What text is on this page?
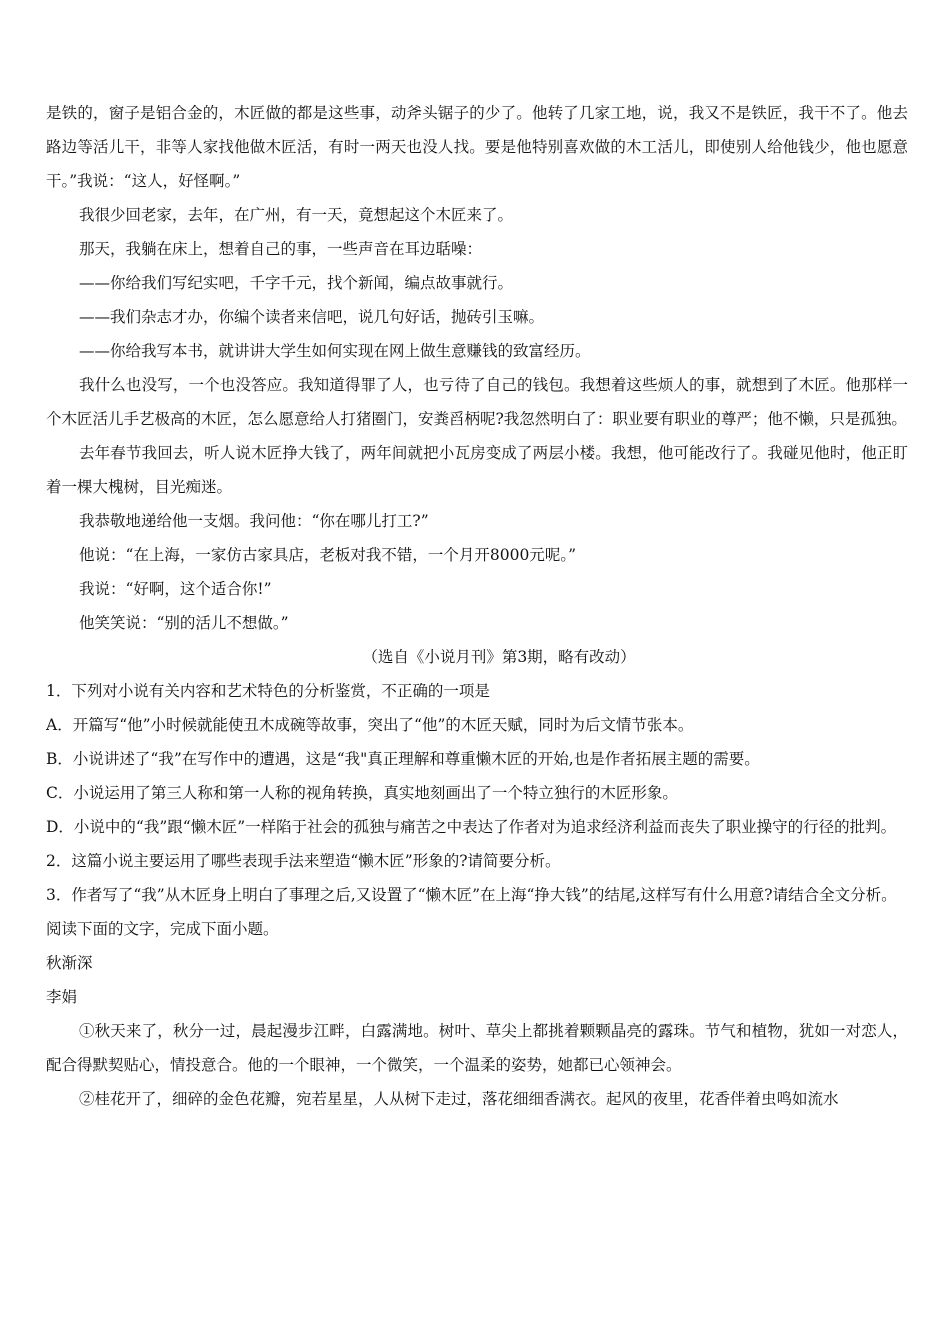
是铁的，窗子是铝合金的，木匠做的都是这些事，动斧头锯子的少了。他转了几家工地，说，我又不是铁匠，我干不了。他去路边等活儿干，非等人家找他做木匠活，有时一两天也没人找。要是他特别喜欢做的木工活儿，即使别人给他钱少，他也愿意干。”我说：“这人，好怪啊。”

我很少回老家，去年，在广州，有一天，竟想起这个木匠来了。

那天，我躺在床上，想着自己的事，一些声音在耳边聒噪：

——你给我们写纪实吧，千字千元，找个新闻，编点故事就行。

——我们杂志才办，你编个读者来信吧，说几句好话，抛砖引玉嘛。

——你给我写本书，就讲讲大学生如何实现在网上做生意赚钱的致富经历。

我什么也没写，一个也没答应。我知道得罪了人，也亏待了自己的钱包。我想着这些烦人的事，就想到了木匠。他那样一个木匠活儿手艺极高的木匠，怎么愿意给人打猪圈门，安粪舀柄呢?我忽然明白了：职业要有职业的尊严；他不懒，只是孤独。

去年春节我回去，听人说木匠挣大钱了，两年间就把小瓦房变成了两层小楼。我想，他可能改行了。我碰见他时，他正盯着一棵大槐树，目光痴迷。

我恭敬地递给他一支烟。我问他：“你在哪儿打工?”

他说：“在上海，一家仿古家具店，老板对我不错，一个月开8000元呢。”

我说：“好啊，这个适合你!”

他笑笑说：“别的活儿不想做。”

（选自《小说月刊》第3期，略有改动）

1．下列对小说有关内容和艺术特色的分析鉴赏，不正确的一项是

A．开篇写“他”小时候就能使丑木成碗等故事，突出了“他”的木匠天赋，同时为后文情节张本。

B．小说讲述了“我”在写作中的遭遇，这是“我"真正理解和尊重懒木匠的开始,也是作者拓展主题的需要。

C．小说运用了第三人称和第一人称的视角转换，真实地刻画出了一个特立独行的木匠形象。

D．小说中的“我”跟“懒木匠”一样陷于社会的孤独与痛苦之中表达了作者对为追求经济利益而丧失了职业操守的行径的批判。

2．这篇小说主要运用了哪些表现手法来塑造“懒木匠”形象的?请简要分析。

3．作者写了“我”从木匠身上明白了事理之后,又设置了“懒木匠”在上海“挣大钱”的结尾,这样写有什么用意?请结合全文分析。

阅读下面的文字，完成下面小题。

秋渐深

李娟

①秋天来了，秋分一过，晨起漫步江畔，白露满地。树叶、草尖上都挑着颗颗晶亮的露珠。节气和植物，犹如一对恋人，配合得默契贴心，情投意合。他的一个眼神，一个微笑，一个温柔的姿势，她都已心领神会。

②桂花开了，细碎的金色花瓣，宛若星星，人从树下走过，落花细细香满衣。起风的夜里，花香伴着虫鸣如流水
